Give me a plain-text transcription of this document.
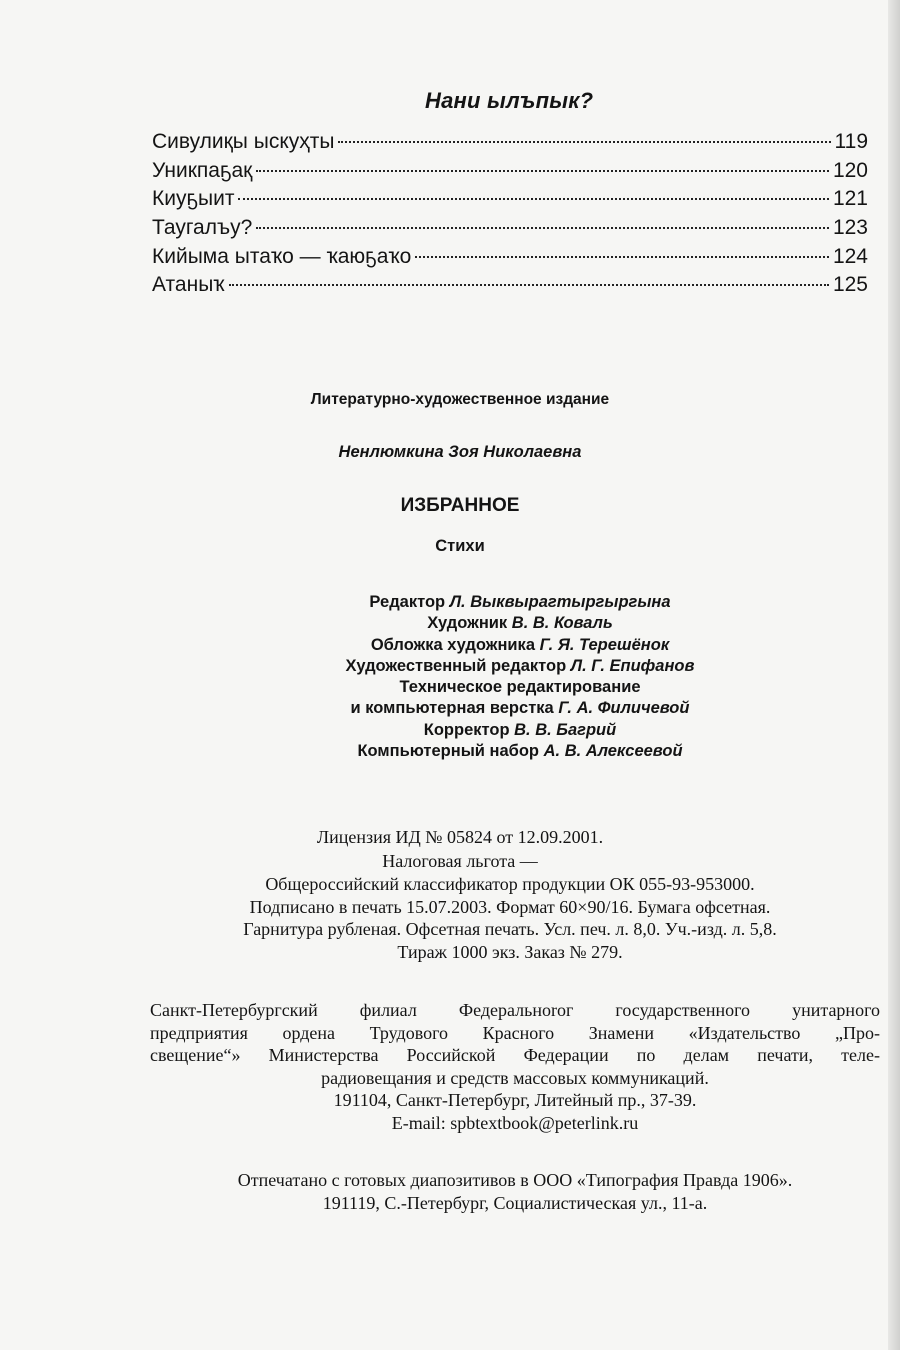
Нани ылъпык?
Сивулиқы ыскуҳты	119
Уникпаҕақ	120
Киуҕыит	121
Таугалъу?	123
Кийыма ытаҡо — ҡаюҕаҡо	124
Атаныҡ	125
Литературно-художественное издание
Ненлюмкина Зоя Николаевна
ИЗБРАННОЕ
Стихи
Редактор Л. Выквырагтыргыргына
Художник В. В. Коваль
Обложка художника Г. Я. Терешёнок
Художественный редактор Л. Г. Епифанов
Техническое редактирование
и компьютерная верстка Г. А. Филичевой
Корректор В. В. Багрий
Компьютерный набор А. В. Алексеевой
Лицензия ИД № 05824 от 12.09.2001.
Налоговая льгота —
Общероссийский классификатор продукции ОК 055-93-953000.
Подписано в печать 15.07.2003. Формат 60×90/16. Бумага офсетная.
Гарнитура рубленая. Офсетная печать. Усл. печ. л. 8,0. Уч.-изд. л. 5,8.
Тираж 1000 экз. Заказ № 279.
Санкт-Петербургский филиал Федеральноrог государственного унитарного
предприятия ордена Трудового Красного Знамени «Издательство „Про-
свещение“» Министерства Российской Федерации по делам печати, теле-
радиовещания и средств массовых коммуникаций.
191104, Санкт-Петербург, Литейный пр., 37-39.
E-mail: spbtextbook@peterlink.ru
Отпечатано с готовых диапозитивов в ООО «Типография Правда 1906».
191119, С.-Петербург, Социалистическая ул., 11-а.
